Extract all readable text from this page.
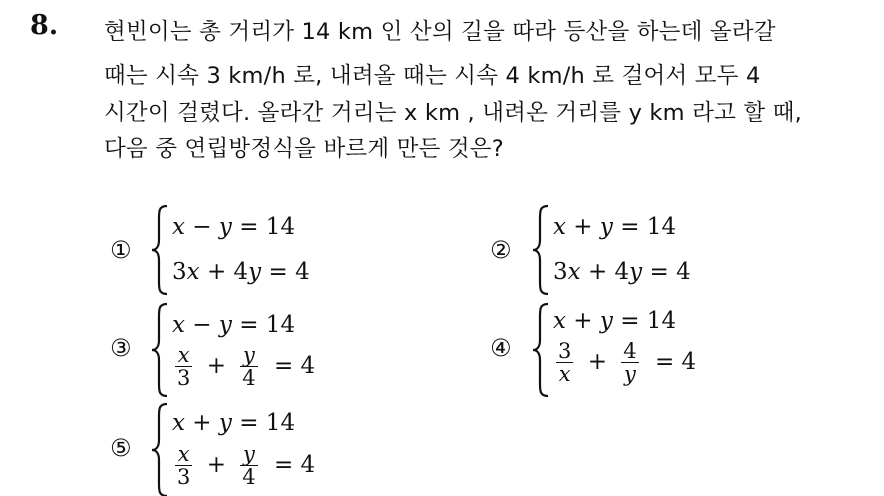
8. 현빈이는 총 거리가 14 km 인 산의 길을 따라 등산을 하는데 올라갈
때는 시속 3 km/h 로, 내려올 때는 시속 4 km/h 로 걸어서 모두 4
시간이 걸렸다. 올라간 거리는 x km , 내려온 거리를 y km 라고 할 때,
다음 중 연립방정식을 바르게 만든 것은?
①
x − y = 14
3x + 4y = 4
②
x + y = 14
3x + 4y = 4
③
x − y = 14
$\frac{x}{3} + \frac{y}{4} = 4$
④
x + y = 14
$\frac{3}{x} + \frac{4}{y} = 4$
⑤
x + y = 14
$\frac{x}{3} + \frac{y}{4} = 4$
